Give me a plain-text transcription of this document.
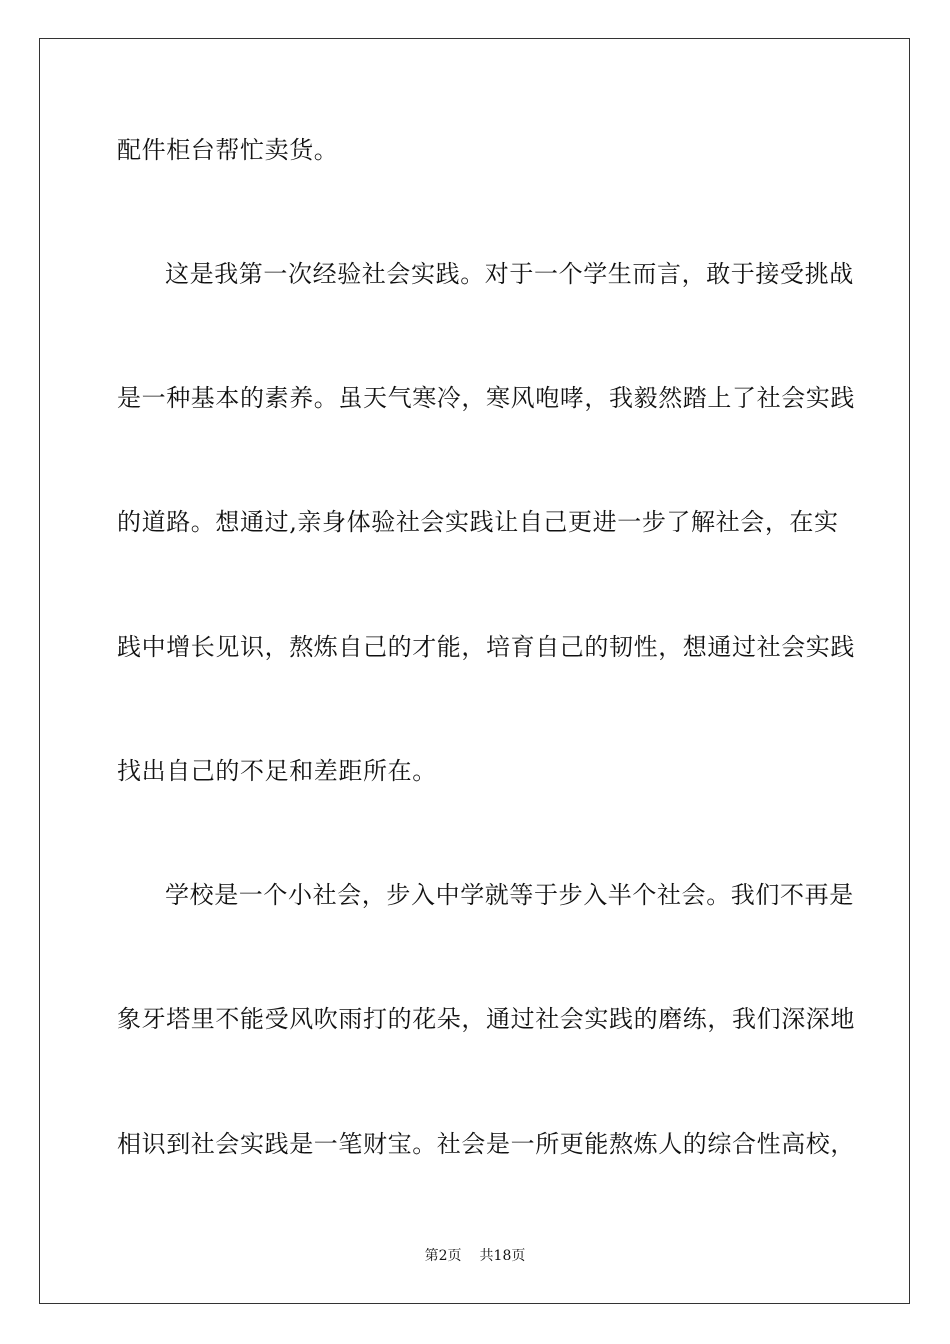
配件柜台帮忙卖货。
这是我第一次经验社会实践。对于一个学生而言，敢于接受挑战
是一种基本的素养。虽天气寒冷，寒风咆哮，我毅然踏上了社会实践
的道路。想通过,亲身体验社会实践让自己更进一步了解社会，在实
践中增长见识，熬炼自己的才能，培育自己的韧性，想通过社会实践
找出自己的不足和差距所在。
学校是一个小社会，步入中学就等于步入半个社会。我们不再是
象牙塔里不能受风吹雨打的花朵，通过社会实践的磨练，我们深深地
相识到社会实践是一笔财宝。社会是一所更能熬炼人的综合性高校，
第2页 共18页
